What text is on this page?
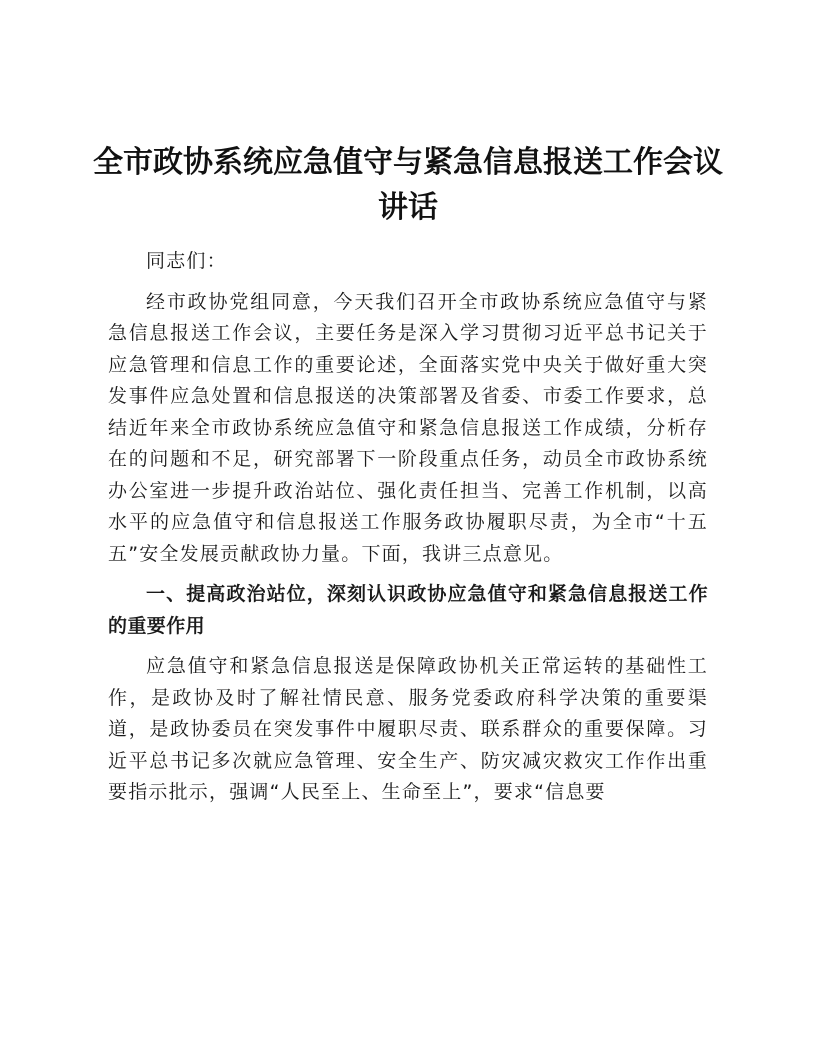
全市政协系统应急值守与紧急信息报送工作会议讲话

同志们：

经市政协党组同意，今天我们召开全市政协系统应急值守与紧急信息报送工作会议，主要任务是深入学习贯彻习近平总书记关于应急管理和信息工作的重要论述，全面落实党中央关于做好重大突发事件应急处置和信息报送的决策部署及省委、市委工作要求，总结近年来全市政协系统应急值守和紧急信息报送工作成绩，分析存在的问题和不足，研究部署下一阶段重点任务，动员全市政协系统办公室进一步提升政治站位、强化责任担当、完善工作机制，以高水平的应急值守和信息报送工作服务政协履职尽责，为全市“十五五”安全发展贡献政协力量。下面，我讲三点意见。

一、提高政治站位，深刻认识政协应急值守和紧急信息报送工作的重要作用

应急值守和紧急信息报送是保障政协机关正常运转的基础性工作，是政协及时了解社情民意、服务党委政府科学决策的重要渠道，是政协委员在突发事件中履职尽责、联系群众的重要保障。习近平总书记多次就应急管理、安全生产、防灾减灾救灾工作作出重要指示批示，强调“人民至上、生命至上”，要求“信息要
